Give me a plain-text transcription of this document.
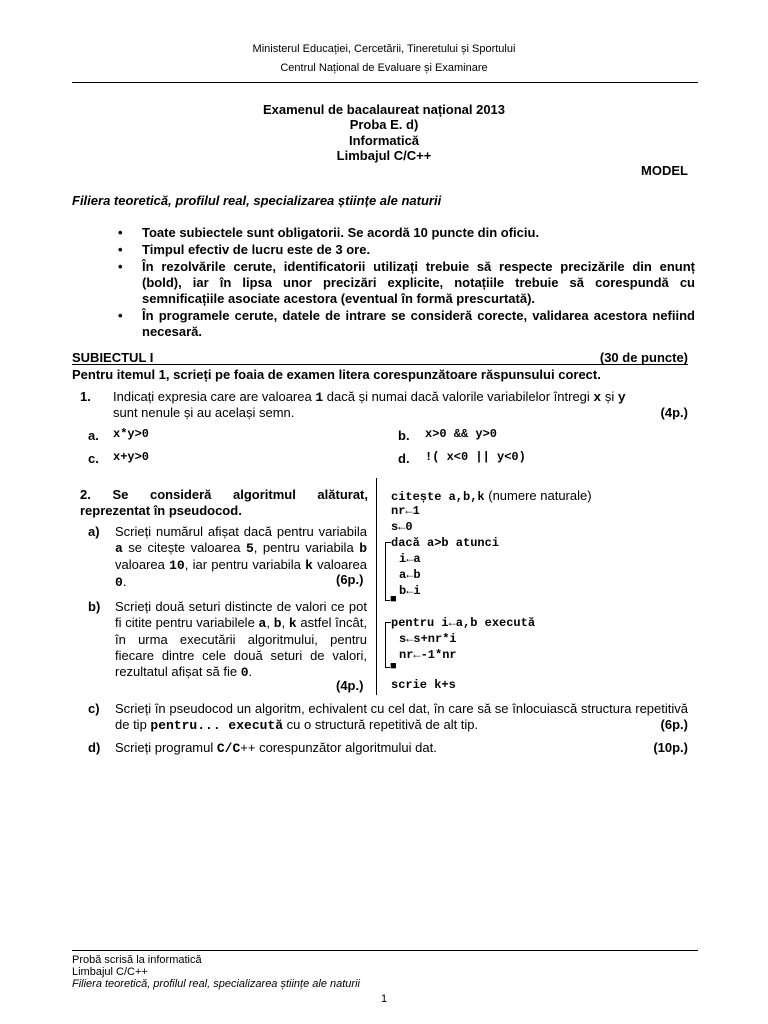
Ministerul Educației, Cercetării, Tineretului și Sportului
Centrul Național de Evaluare și Examinare
Examenul de bacalaureat național 2013
Proba E. d)
Informatică
Limbajul C/C++
MODEL
Filiera teoretică, profilul real, specializarea științe ale naturii
• Toate subiectele sunt obligatorii. Se acordă 10 puncte din oficiu.
• Timpul efectiv de lucru este de 3 ore.
• În rezolvările cerute, identificatorii utilizați trebuie să respecte precizările din enunț (bold), iar în lipsa unor precizări explicite, notațiile trebuie să corespundă cu semnificațiile asociate acestora (eventual în formă prescurtată).
• În programele cerute, datele de intrare se consideră corecte, validarea acestora nefiind necesară.
SUBIECTUL I	(30 de puncte)
Pentru itemul 1, scrieți pe foaia de examen litera corespunzătoare răspunsului corect.
1. Indicați expresia care are valoarea 1 dacă și numai dacă valorile variabilelor întregi x și y
sunt nenule și au același semn.	(4p.)
a. x*y>0	b. x>0 && y>0
c. x+y>0	d. !( x<0 || y<0)
2. Se consideră algoritmul alăturat, reprezentat în pseudocod.
a) Scrieți numărul afișat dacă pentru variabila a se citește valoarea 5, pentru variabila b valoarea 10, iar pentru variabila k valoarea 0.	(6p.)
b) Scrieți două seturi distincte de valori ce pot fi citite pentru variabilele a, b, k astfel încât, în urma executării algoritmului, pentru fiecare dintre cele două seturi de valori, rezultatul afișat să fie 0.
(4p.)
citește a,b,k (numere naturale)
nr←1
s←0
dacă a>b atunci
i←a
a←b
b←i
■
pentru i←a,b execută
s←s+nr*i
nr←-1*nr
■
scrie k+s
c) Scrieți în pseudocod un algoritm, echivalent cu cel dat, în care să se înlocuiască structura repetitivă de tip pentru... execută cu o structură repetitivă de alt tip.	(6p.)
d) Scrieți programul C/C++ corespunzător algoritmului dat.	(10p.)
Probă scrisă la informatică
Limbajul C/C++
Filiera teoretică, profilul real, specializarea științe ale naturii
1
